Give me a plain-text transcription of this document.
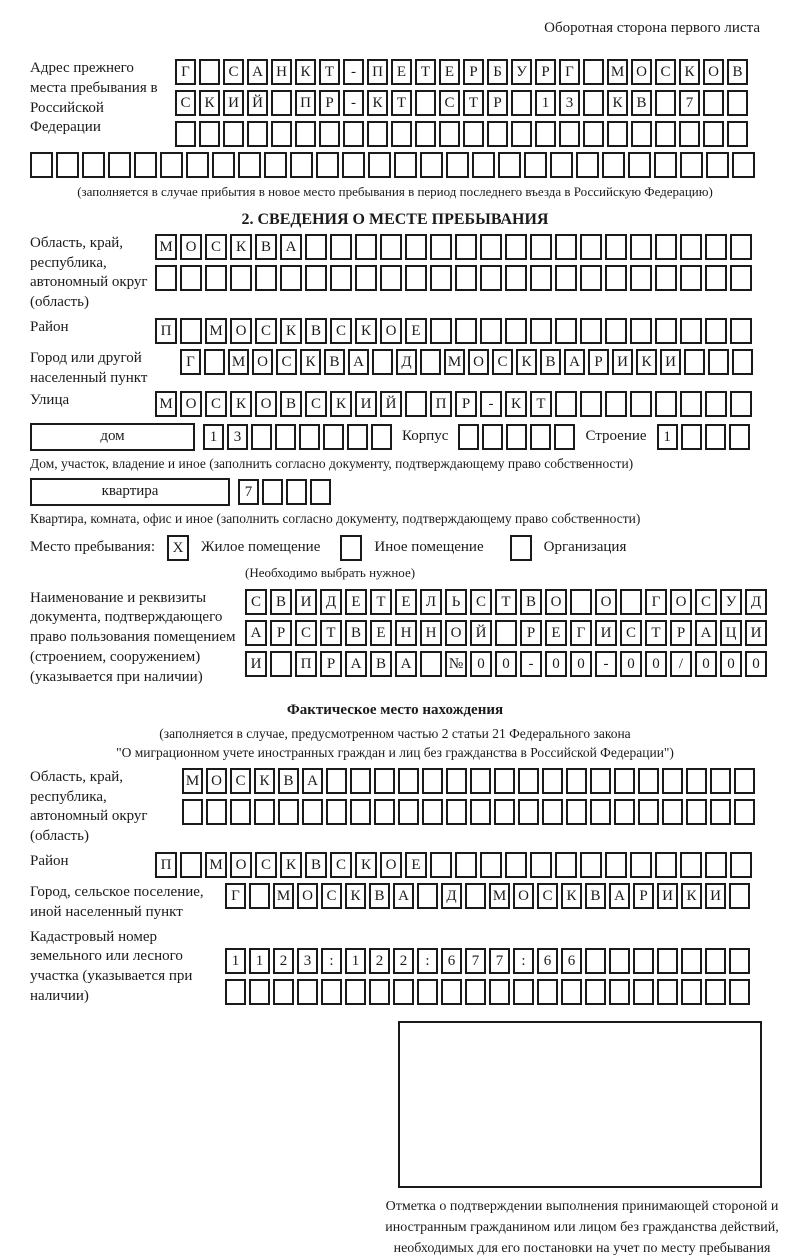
Оборотная сторона первого листа
Адрес прежнего места пребывания в Российской Федерации
Г	С А Н К Т	-	П Е Т Е	Р	Б У Р	Г	М О С К О В
С К И Й	П Р	-	К Т	С Т	Р	1	3	К В	7
(заполняется в случае прибытия в новое место пребывания в период последнего въезда в Российскую Федерацию)
2. СВЕДЕНИЯ О МЕСТЕ ПРЕБЫВАНИЯ
Область, край, республика, автономный округ (область)
М О С К В А
Район	П	М О С К В С К О Е
Город или другой населенный пункт
Г	М О С К В А	Д	М О С К В А Р И К И
Улица	М О С К О В С К И Й	П	Р	-	К	Т
дом	1	3	Корпус	Строение	1
Дом, участок, владение и иное (заполнить согласно документу, подтверждающему право собственности)
квартира	7
Квартира, комната, офис и иное (заполнить согласно документу, подтверждающему право собственности)
Место пребывания:	X	Жилое помещение	Иное помещение	Организация
(Необходимо выбрать нужное)
Наименование и реквизиты документа, подтверждающего право пользования помещением (строением, сооружением) (указывается при наличии)
С В И Д	Е	Т	Е	Л	Ь	С	Т	В О	О	Г	О С У Д
А	Р	С	Т	В	Е	Н Н О Й	Р	Е	Г	И С	Т	Р	А Ц И
И	П	Р	А В А	№ 0	0	-	0	0	-	0	0	/	0	0	0
Фактическое место нахождения
(заполняется в случае, предусмотренном частью 2 статьи 21 Федерального закона
"О миграционном учете иностранных граждан и лиц без гражданства в Российской Федерации")
Область, край, республика, автономный округ (область)
М О С К В А
Район	П	М О С К В С К О Е
Город, сельское поселение, иной населенный пункт
Г	М О С К В А	Д	М О С К В А Р И К И
Кадастровый номер земельного или лесного участка (указывается при наличии)
1	1	2	3	:	1	2	2	:	6	7	7	:	6	6
Отметка о подтверждении выполнения принимающей стороной и иностранным гражданином или лицом без гражданства действий, необходимых для его постановки на учет по месту пребывания
